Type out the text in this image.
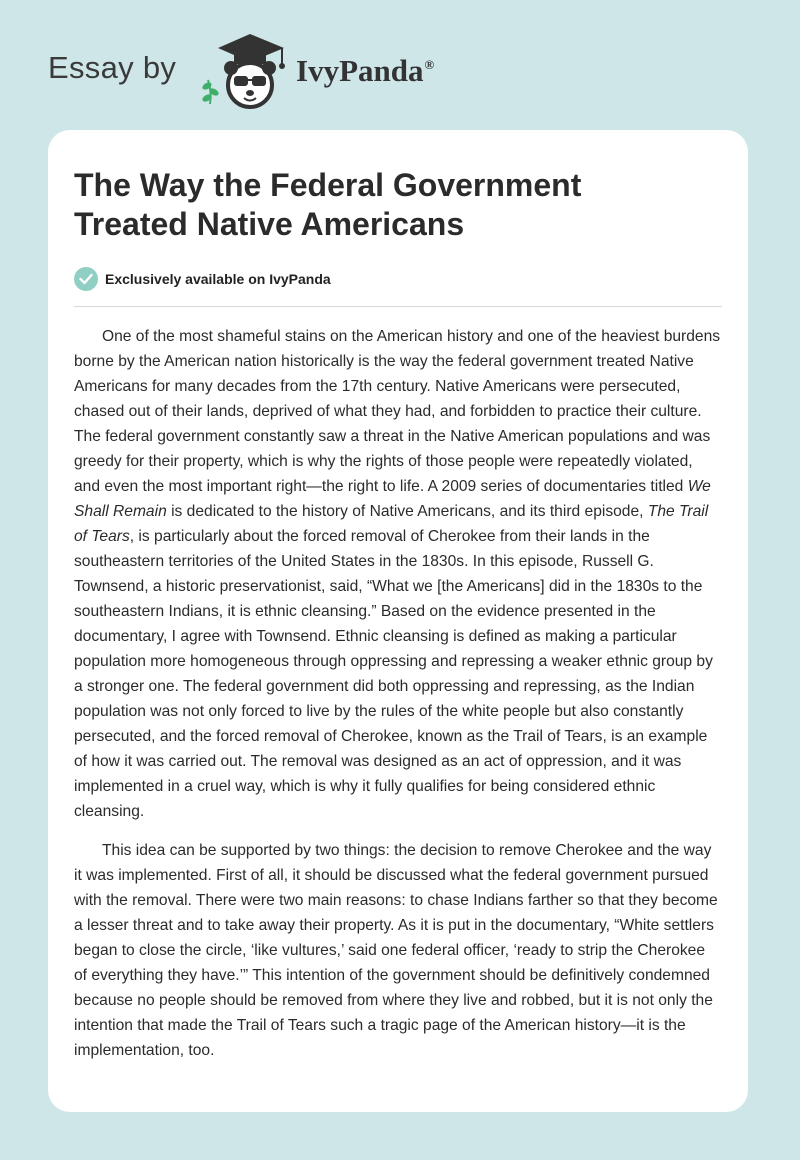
Essay by	IvyPanda®
The Way the Federal Government
Treated Native Americans
Exclusively available on IvyPanda

One of the most shameful stains on the American history and one of the heaviest burdens borne by the American nation historically is the way the federal government treated Native Americans for many decades from the 17th century. Native Americans were persecuted, chased out of their lands, deprived of what they had, and forbidden to practice their culture. The federal government constantly saw a threat in the Native American populations and was greedy for their property, which is why the rights of those people were repeatedly violated, and even the most important right—the right to life. A 2009 series of documentaries titled We Shall Remain is dedicated to the history of Native Americans, and its third episode, The Trail of Tears, is particularly about the forced removal of Cherokee from their lands in the southeastern territories of the United States in the 1830s. In this episode, Russell G. Townsend, a historic preservationist, said, “What we [the Americans] did in the 1830s to the southeastern Indians, it is ethnic cleansing.” Based on the evidence presented in the documentary, I agree with Townsend. Ethnic cleansing is defined as making a particular population more homogeneous through oppressing and repressing a weaker ethnic group by a stronger one. The federal government did both oppressing and repressing, as the Indian population was not only forced to live by the rules of the white people but also constantly persecuted, and the forced removal of Cherokee, known as the Trail of Tears, is an example of how it was carried out. The removal was designed as an act of oppression, and it was implemented in a cruel way, which is why it fully qualifies for being considered ethnic cleansing.

This idea can be supported by two things: the decision to remove Cherokee and the way it was implemented. First of all, it should be discussed what the federal government pursued with the removal. There were two main reasons: to chase Indians farther so that they become a lesser threat and to take away their property. As it is put in the documentary, “White settlers began to close the circle, ‘like vultures,’ said one federal officer, ‘ready to strip the Cherokee of everything they have.’” This intention of the government should be definitively condemned because no people should be removed from where they live and robbed, but it is not only the intention that made the Trail of Tears such a tragic page of the American history—it is the implementation, too.
